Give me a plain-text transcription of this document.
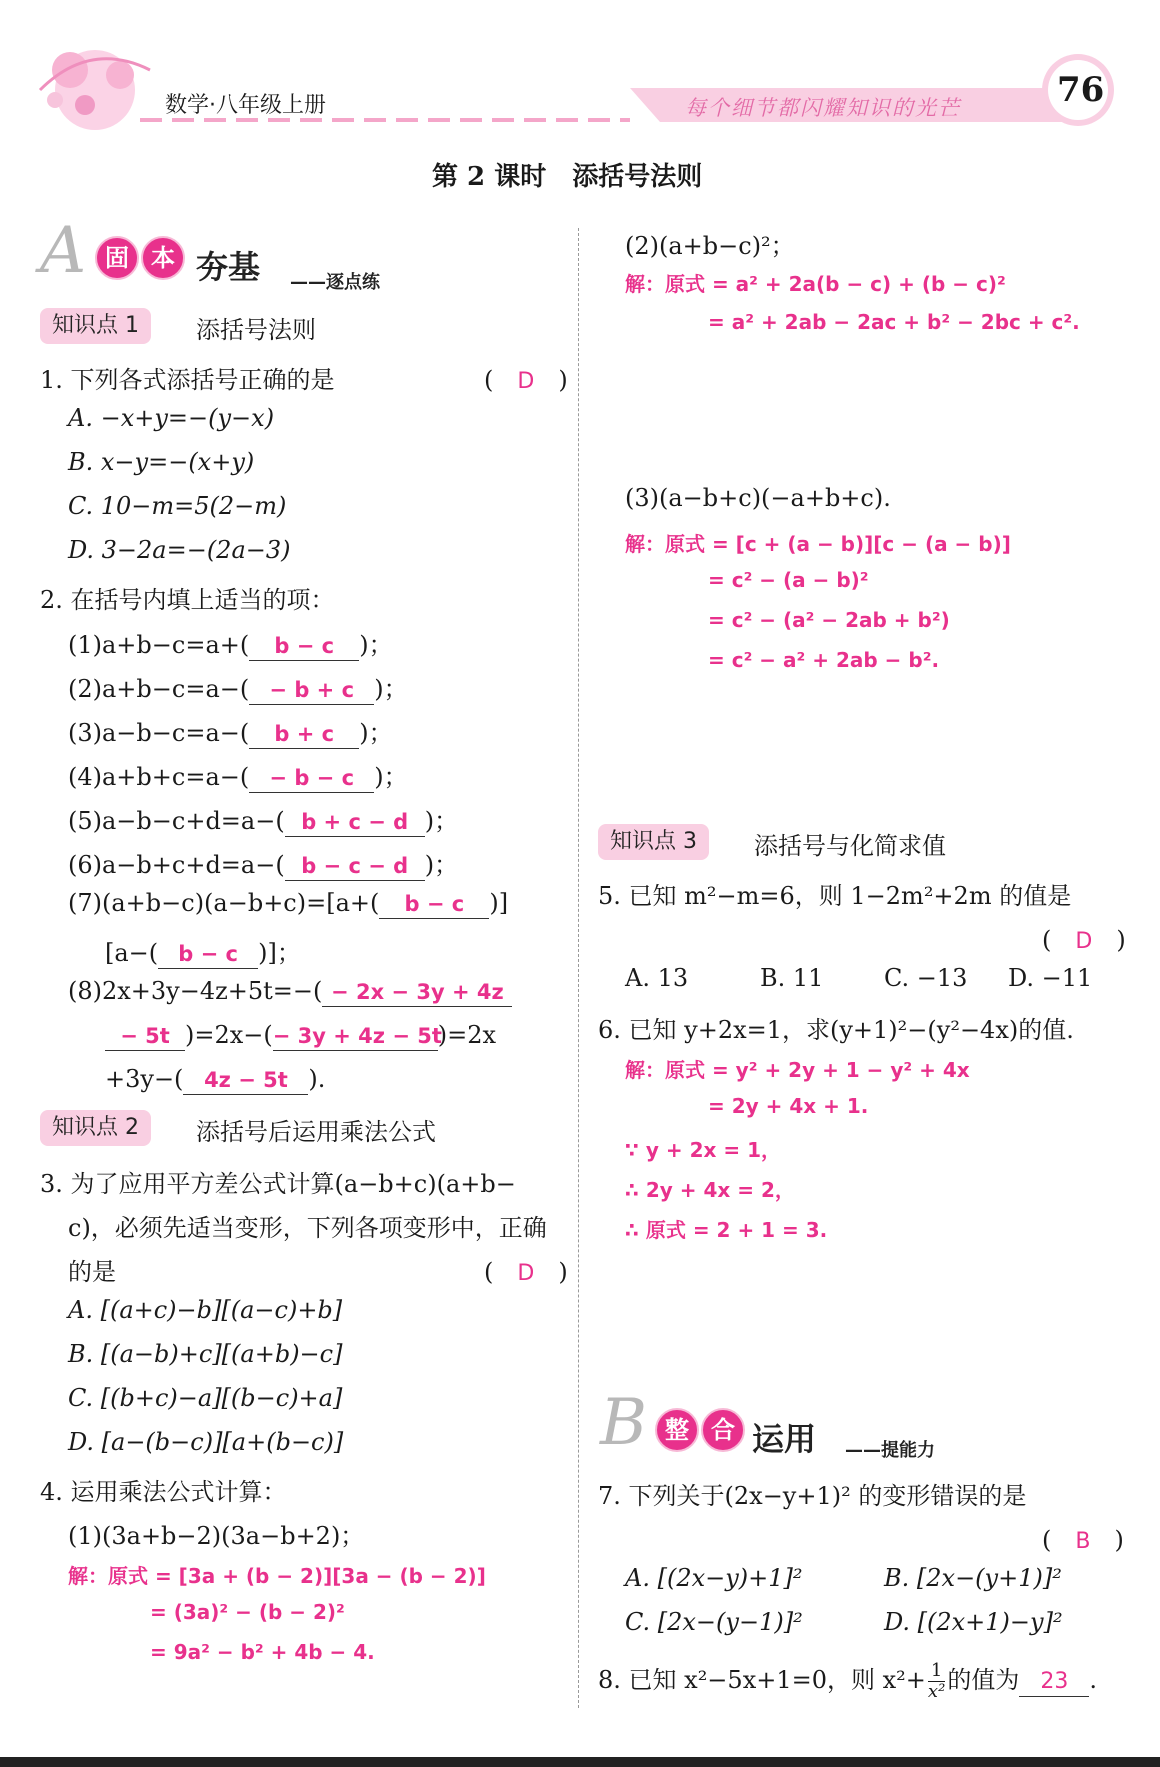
数学·八年级上册	每个细节都闪耀知识的光芒	76
第 2 课时　添括号法则
A 固 本 夯基 ——逐点练
知识点 1	添括号法则
1. 下列各式添括号正确的是	(　D　)
A. −x+y=−(y−x)
B. x−y=−(x+y)
C. 10−m=5(2−m)
D. 3−2a=−(2a−3)
2. 在括号内填上适当的项：
(1)a+b−c=a+( b − c )；
(2)a+b−c=a−( − b + c )；
(3)a−b−c=a−( b + c )；
(4)a+b+c=a−( − b − c )；
(5)a−b−c+d=a−( b + c − d )；
(6)a−b+c+d=a−( b − c − d )；
(7)(a+b−c)(a−b+c)=[a+( b − c )]
[a−( b − c )]；
(8)2x+3y−4z+5t=−( − 2x − 3y + 4z
− 5t )=2x−(− 3y + 4z − 5t)=2x
+3y−( 4z − 5t ).
知识点 2	添括号后运用乘法公式
3. 为了应用平方差公式计算(a−b+c)(a+b−
c)，必须先适当变形，下列各项变形中，正确
的是	(　D　)
A. [(a+c)−b][(a−c)+b]
B. [(a−b)+c][(a+b)−c]
C. [(b+c)−a][(b−c)+a]
D. [a−(b−c)][a+(b−c)]
4. 运用乘法公式计算：
(1)(3a+b−2)(3a−b+2)；
解：原式 = [3a + (b − 2)][3a − (b − 2)]
= (3a)² − (b − 2)²
= 9a² − b² + 4b − 4.
(2)(a+b−c)²；
解：原式 = a² + 2a(b − c) + (b − c)²
= a² + 2ab − 2ac + b² − 2bc + c².
(3)(a−b+c)(−a+b+c).
解：原式 = [c + (a − b)][c − (a − b)]
= c² − (a − b)²
= c² − (a² − 2ab + b²)
= c² − a² + 2ab − b².
知识点 3	添括号与化简求值
5. 已知 m²−m=6，则 1−2m²+2m 的值是
(　D　)
A. 13	B. 11	C. −13 D. −11
6. 已知 y+2x=1，求(y+1)²−(y²−4x)的值.
解：原式 = y² + 2y + 1 − y² + 4x
= 2y + 4x + 1.
∵ y + 2x = 1，
∴ 2y + 4x = 2，
∴ 原式 = 2 + 1 = 3.
B 整 合 运用 ——提能力
7. 下列关于(2x−y+1)² 的变形错误的是
(　B　)
A. [(2x−y)+1]²	B. [2x−(y+1)]²
C. [2x−(y−1)]²	D. [(2x+1)−y]²
8. 已知 x²−5x+1=0，则 $x^2+ \frac{1}{\text{x²}}$ 的值为 23 .
